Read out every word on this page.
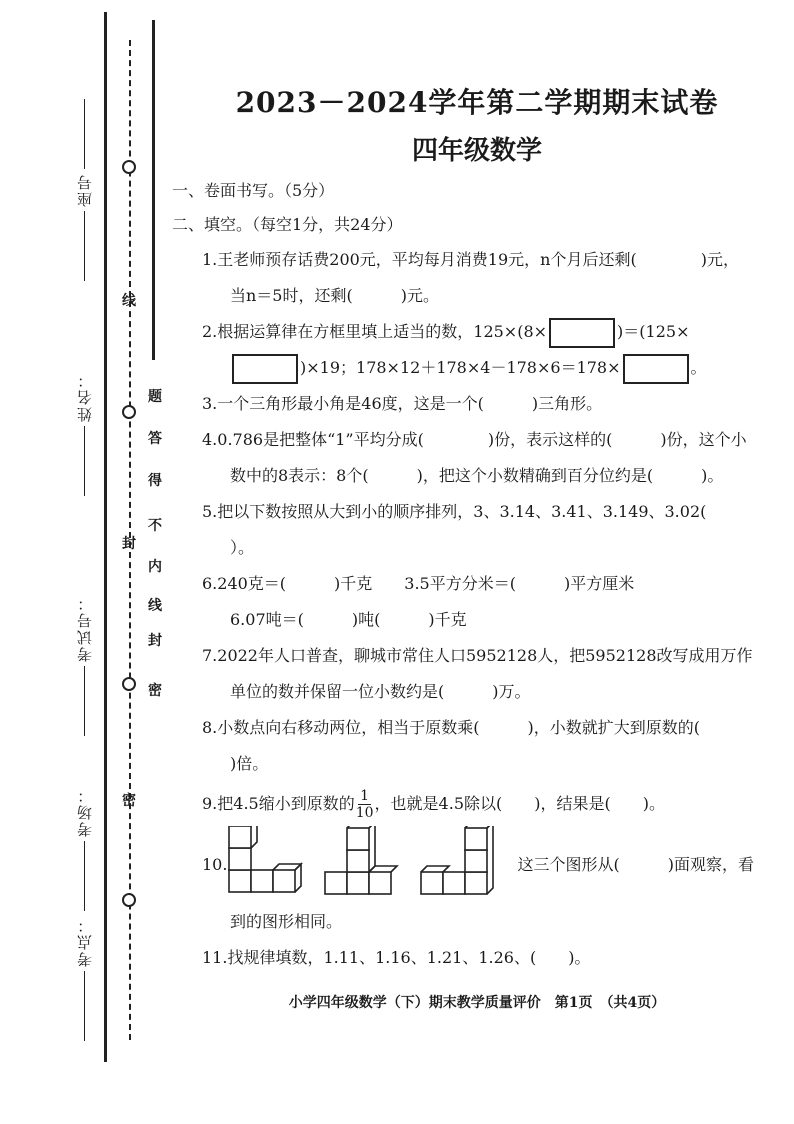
座号
姓名：
考试号：
考场：
考点：
线
封
密
密
封
线
内
不
得
答
题
2023－2024学年第二学期期末试卷
四年级数学

一、卷面书写。（5分）

二、填空。（每空1分，共24分）

1.王老师预存话费200元，平均每月消费19元，n个月后还剩(　　　　)元，
当n＝5时，还剩(　　　)元。

2.根据运算律在方框里填上适当的数，125×(8×	)＝(125×
)×19；178×12＋178×4－178×6＝178×	。

3.一个三角形最小角是46度，这是一个(　　　)三角形。

4.0.786是把整体“1”平均分成(　　　　)份，表示这样的(　　　)份，这个小
数中的8表示：8个(　　　)，把这个小数精确到百分位约是(　　　)。

5.把以下数按照从大到小的顺序排列，3、3.14、3.41、3.149、3.02(　
）。

6.240克＝(　　　)千克　　3.5平方分米＝(　　　)平方厘米
6.07吨＝(　　　)吨(　　　)千克

7.2022年人口普查，聊城市常住人口5952128人，把5952128改写成用万作
单位的数并保留一位小数约是(　　　)万。

8.小数点向右移动两位，相当于原数乘(　　　)，小数就扩大到原数的(
)倍。

9.把4.5缩小到原数的 $\frac{1}{10}$ ，也就是4.5除以(　　)，结果是(　　)。

10.	这三个图形从(　　　)面观察，看

到的图形相同。

11.找规律填数，1.11、1.16、1.21、1.26、(　　)。

小学四年级数学（下）期末教学质量评价　第1页　（共4页）
